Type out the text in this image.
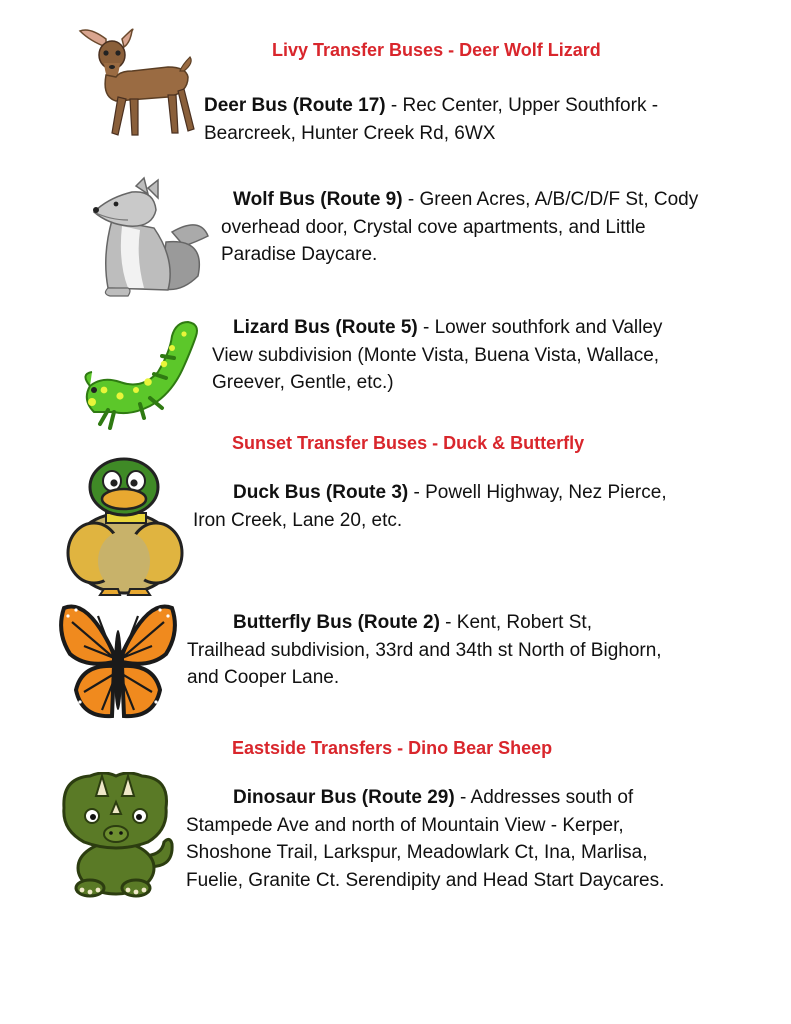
Livy Transfer Buses - Deer Wolf Lizard
Sunset Transfer Buses - Duck & Butterfly
Eastside Transfers - Dino Bear Sheep
Deer Bus (Route 17) - Rec Center, Upper Southfork - Bearcreek, Hunter Creek Rd, 6WX
Wolf Bus (Route 9) - Green Acres, A/B/C/D/F St, Cody overhead door, Crystal cove apartments, and Little Paradise Daycare.
Lizard Bus (Route 5) - Lower southfork and Valley View subdivision (Monte Vista, Buena Vista, Wallace, Greever, Gentle, etc.)
Duck Bus (Route 3) - Powell Highway, Nez Pierce, Iron Creek, Lane 20, etc.
Butterfly Bus (Route 2) - Kent, Robert St, Trailhead subdivision, 33rd and 34th st North of Bighorn, and Cooper Lane.
Dinosaur Bus (Route 29) - Addresses south of Stampede Ave and north of Mountain View - Kerper, Shoshone Trail, Larkspur, Meadowlark Ct, Ina, Marlisa, Fuelie, Granite Ct. Serendipity and Head Start Daycares.
